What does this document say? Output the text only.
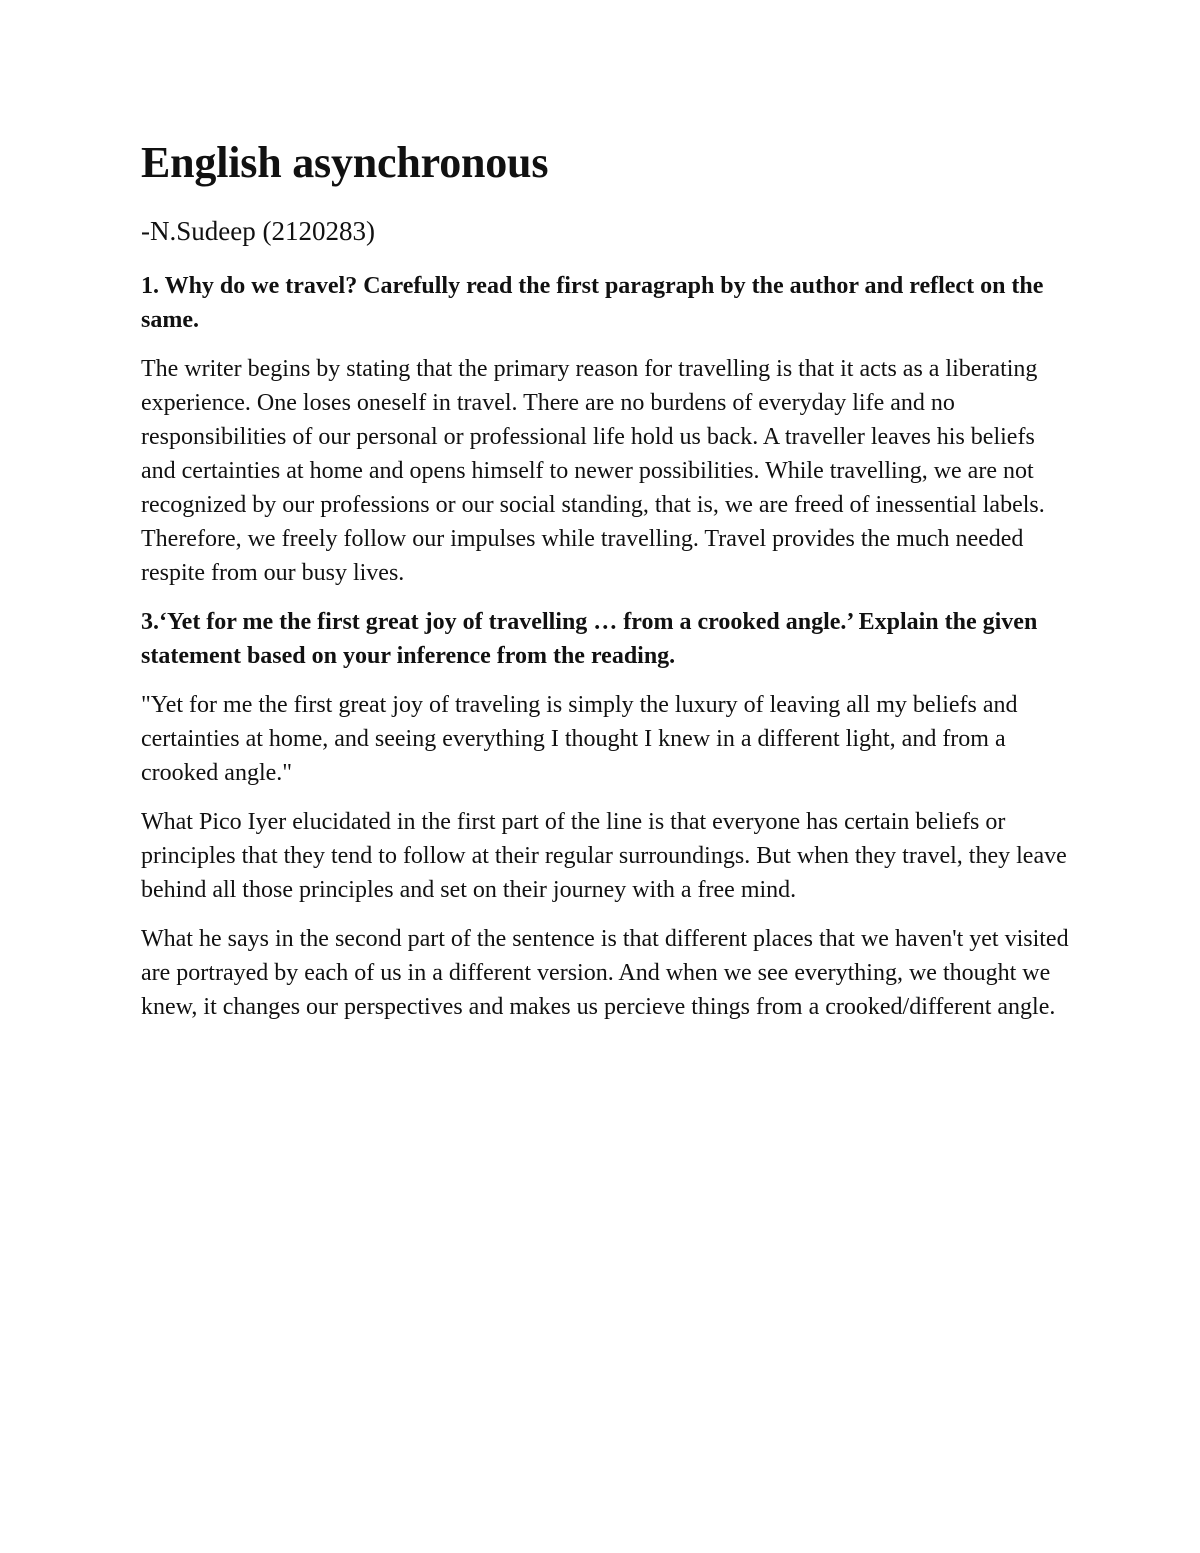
English asynchronous

-N.Sudeep (2120283)

1. Why do we travel? Carefully read the first paragraph by the author and reflect on the same.

The writer begins by stating that the primary reason for travelling is that it acts as a liberating experience. One loses oneself in travel. There are no burdens of everyday life and no responsibilities of our personal or professional life hold us back. A traveller leaves his beliefs and certainties at home and opens himself to newer possibilities. While travelling, we are not recognized by our professions or our social standing, that is, we are freed of inessential labels. Therefore, we freely follow our impulses while travelling. Travel provides the much needed respite from our busy lives.

3.‘Yet for me the first great joy of travelling … from a crooked angle.’ Explain the given statement based on your inference from the reading.

"Yet for me the first great joy of traveling is simply the luxury of leaving all my beliefs and certainties at home, and seeing everything I thought I knew in a different light, and from a crooked angle."

What Pico Iyer elucidated in the first part of the line is that everyone has certain beliefs or principles that they tend to follow at their regular surroundings. But when they travel, they leave behind all those principles and set on their journey with a free mind.

What he says in the second part of the sentence is that different places that we haven't yet visited are portrayed by each of us in a different version. And when we see everything, we thought we knew, it changes our perspectives and makes us percieve things from a crooked/different angle.
